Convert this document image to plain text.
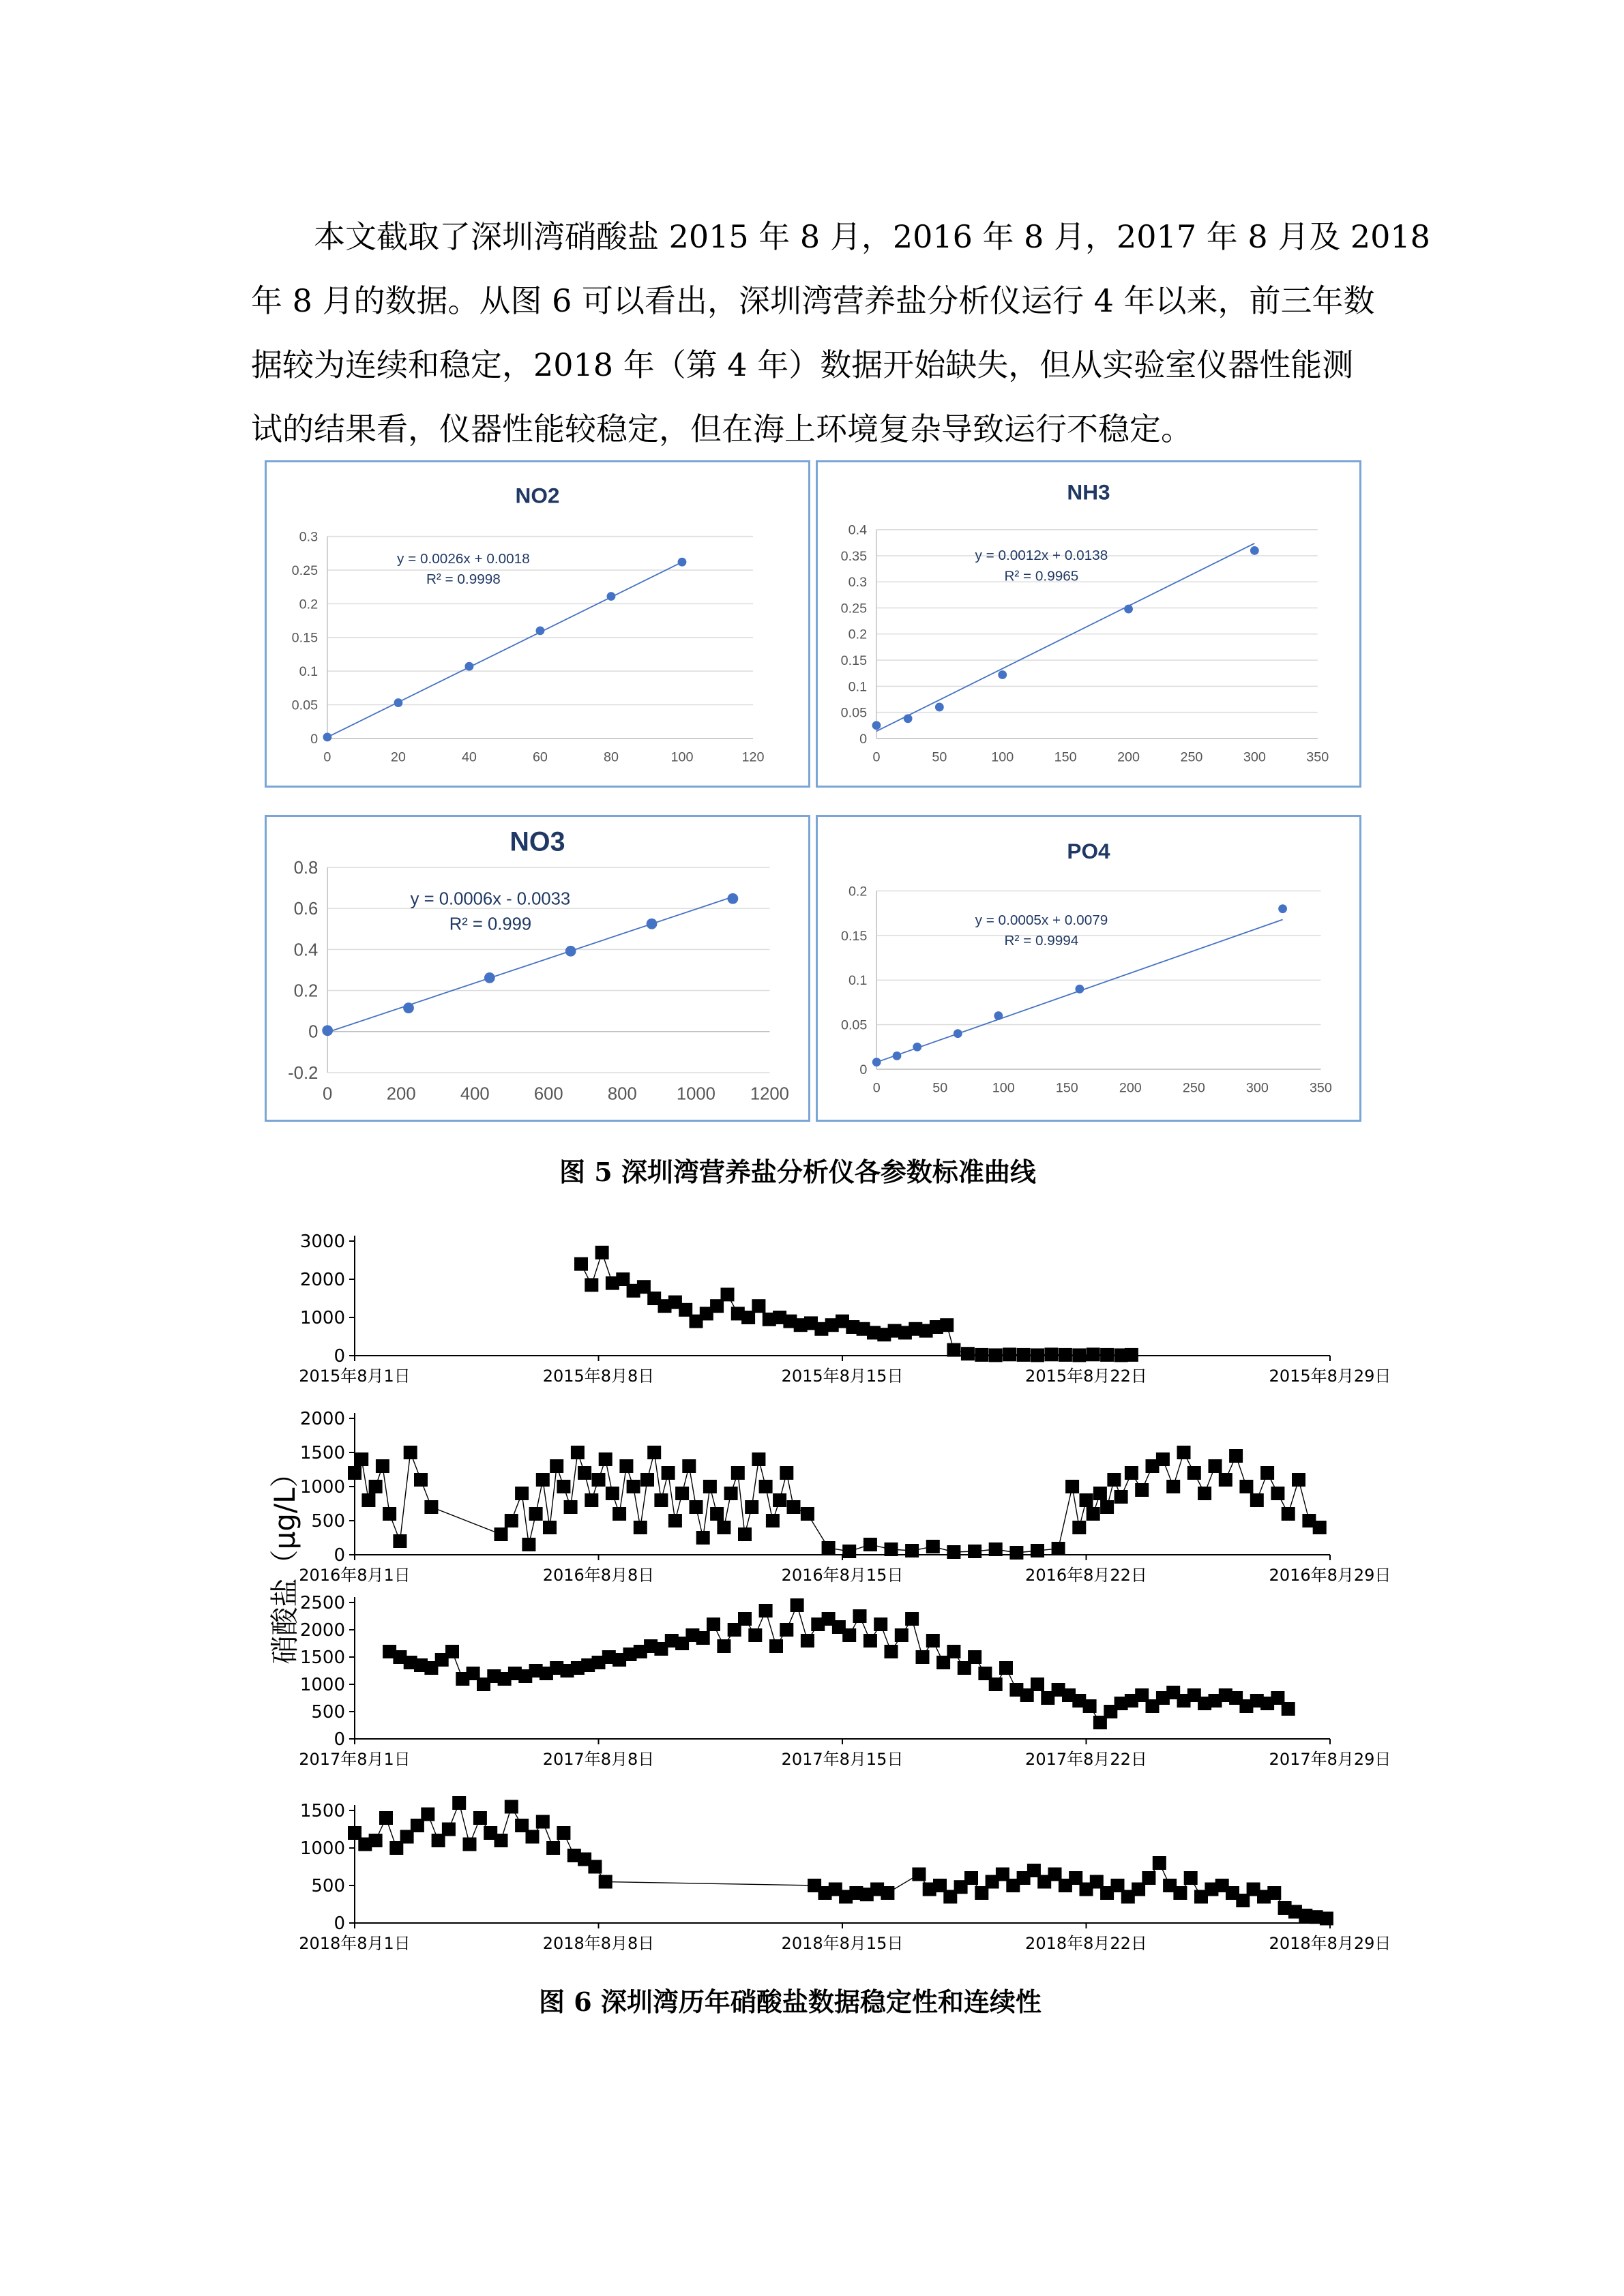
本文截取了深圳湾硝酸盐 2015 年 8 月，2016 年 8 月，2017 年 8 月及 2018
年 8 月的数据。从图 6 可以看出，深圳湾营养盐分析仪运行 4 年以来，前三年数
据较为连续和稳定，2018 年（第 4 年）数据开始缺失，但从实验室仪器性能测
试的结果看，仪器性能较稳定，但在海上环境复杂导致运行不稳定。

NO2
0
0.05
0.1
0.15
0.2
0.25
0.3
0	20	40	60	80	100	120
y = 0.0026x + 0.0018
R² = 0.9998
NH3
0
0.05
0.1
0.15
0.2
0.25
0.3
0.35
0.4
0	50	100	150	200	250	300	350
y = 0.0012x + 0.0138
R² = 0.9965
NO3
-0.2
0
0.2
0.4
0.6
0.8
0	200	400	600	800 1000 1200
y = 0.0006x - 0.0033
R² = 0.999
PO4
0
0.05
0.1
0.15
0.2
0	50	100	150	200	250	300	350
y = 0.0005x + 0.0079
R² = 0.9994
图 5 深圳湾营养盐分析仪各参数标准曲线
0
1000
2000
3000
2015年8月1日	2015年8月8日	2015年8月15日	2015年8月22日	2015年8月29日
0
500
1000
1500
2000
2016年8月1日	2016年8月8日	2016年8月15日	2016年8月22日	2016年8月29日
0
500
1000
1500
2000
2500
2017年8月1日	2017年8月8日	2017年8月15日	2017年8月22日	2017年8月29日
0
500
1000
1500
2018年8月1日	2018年8月8日	2018年8月15日	2018年8月22日	2018年8月29日
硝酸盐（μg/L）
图 6 深圳湾历年硝酸盐数据稳定性和连续性
